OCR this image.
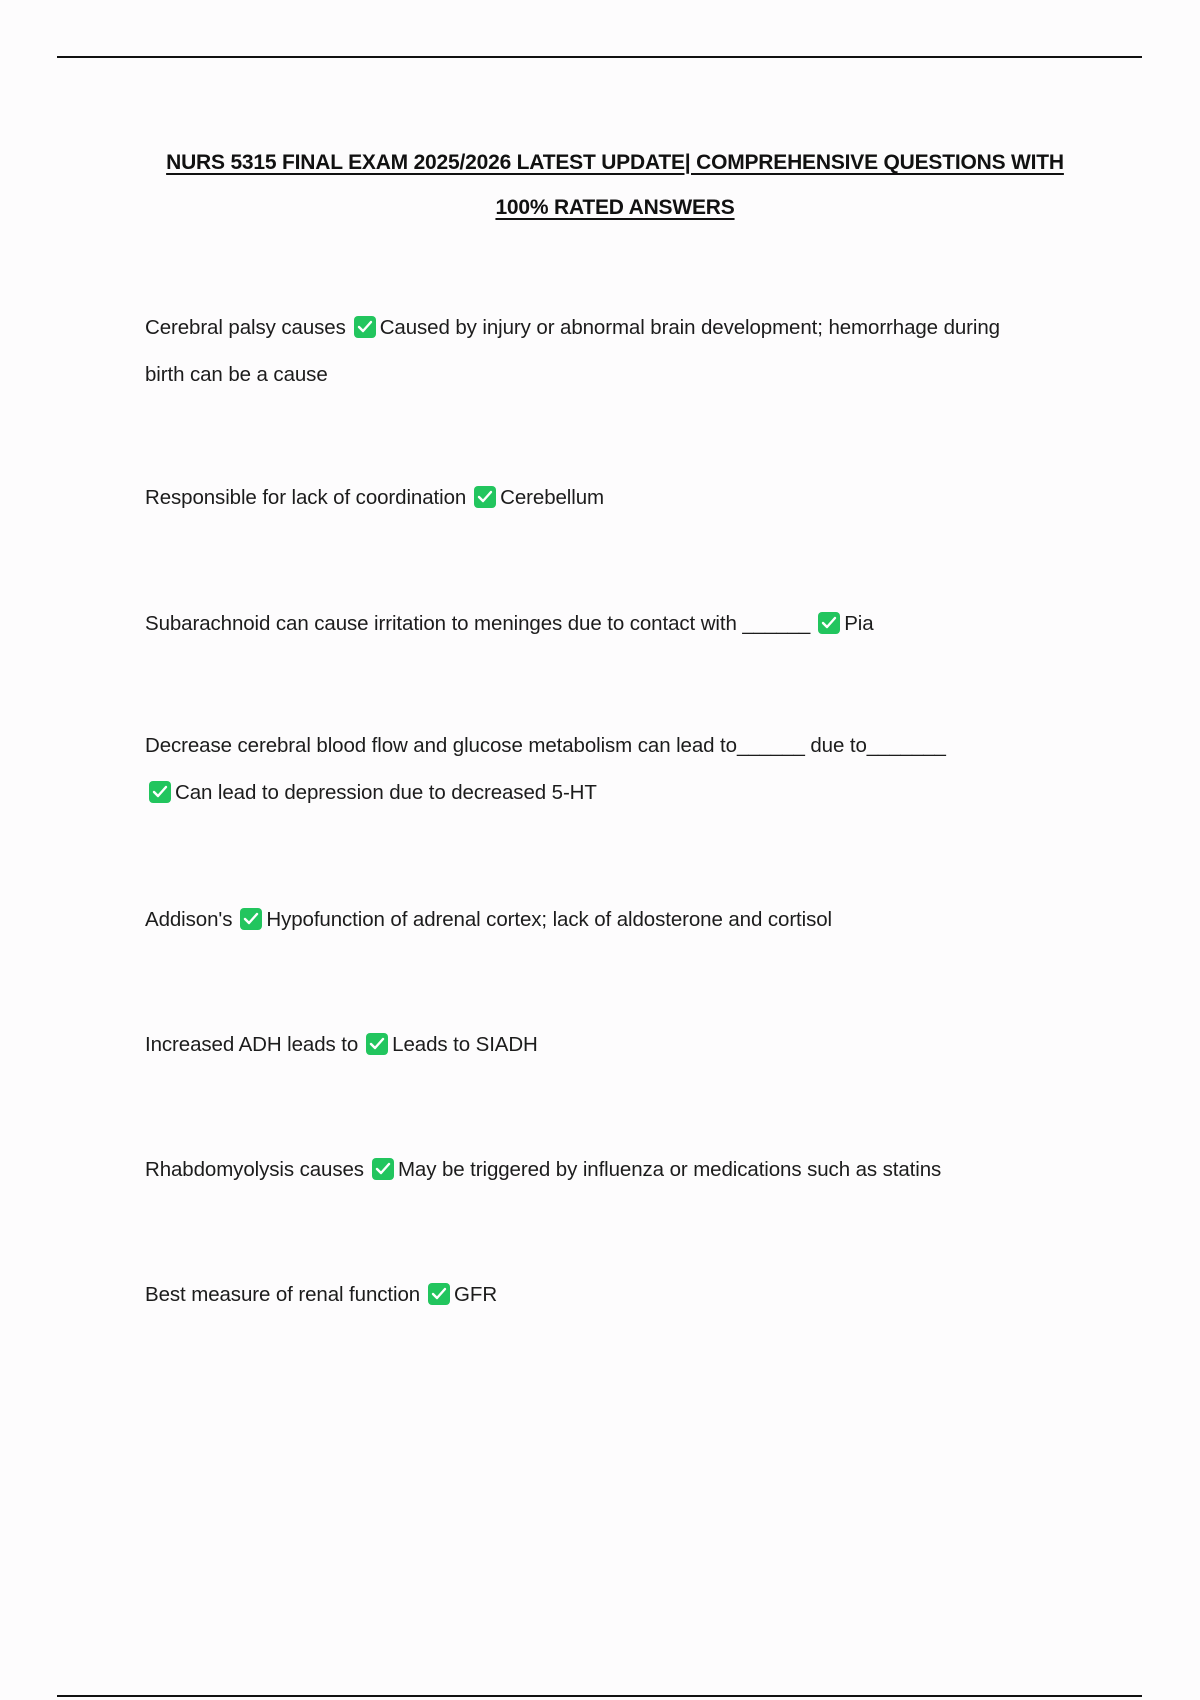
NURS 5315 FINAL EXAM 2025/2026 LATEST UPDATE| COMPREHENSIVE QUESTIONS WITH
100% RATED ANSWERS
Cerebral palsy causes Caused by injury or abnormal brain development; hemorrhage during
birth can be a cause
Responsible for lack of coordination Cerebellum
Subarachnoid can cause irritation to meninges due to contact with ______ Pia
Decrease cerebral blood flow and glucose metabolism can lead to______ due to_______

Can lead to depression due to decreased 5-HT
Addison's Hypofunction of adrenal cortex; lack of aldosterone and cortisol
Increased ADH leads to Leads to SIADH
Rhabdomyolysis causes May be triggered by influenza or medications such as statins
Best measure of renal function GFR
